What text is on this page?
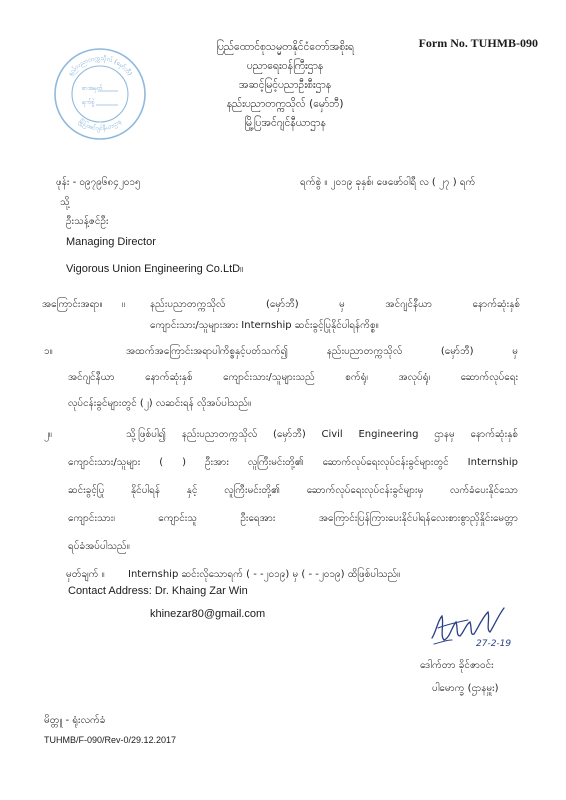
Form No. TUHMB-090
နည်းပညာတက္ကသိုလ် (မှော်ဘီ)
မြို့ပြအင်ဂျင်နီယာဌာန
စာအမှတ်
ရက်စွဲ
ပြည်ထောင်စုသမ္မတနိုင်ငံတော်အစိုးရ
ပညာရေးဝန်ကြီးဌာန
အဆင့်မြင့်ပညာဦးစီးဌာန
နည်းပညာတက္ကသိုလ် (မှော်ဘီ)
မြို့ပြအင်ဂျင်နီယာဌာန
ဖုန်း - ၀၉၇၉၆၈၄၂၀၁၅	ရက်စွဲ ။ ၂၀၁၉ ခုနှစ်၊ ဖေဖော်ဝါရီ လ ( ၂၇ ) ရက်
သို့
ဦးသန့်ဇင်ဦး
Managing Director
Vigorous Union Engineering Co.LtD။
အကြောင်းအရာ။ ။ နည်းပညာတက္ကသိုလ် (မှော်ဘီ) မှ အင်ဂျင်နီယာ နောက်ဆုံးနှစ်
ကျောင်းသား/သူများအား Internship ဆင်းခွင့်ပြုနိုင်ပါရန်ကိစ္စ။
၁။	အထက်အကြောင်းအရာပါကိစ္စနှင့်ပတ်သက်၍ နည်းပညာတက္ကသိုလ် (မှော်ဘီ) မှ
အင်ဂျင်နီယာ နောက်ဆုံးနှစ် ကျောင်းသား/သူများသည် စက်ရုံ၊ အလုပ်ရုံ၊ ဆောက်လုပ်ရေး
လုပ်ငန်းခွင်များတွင် (၂) လဆင်းရန် လိုအပ်ပါသည်။
၂။	သို့ဖြစ်ပါ၍ နည်းပညာတက္ကသိုလ် (မှော်ဘီ) Civil Engineering ဌာနမှ နောက်ဆုံးနှစ်
ကျောင်းသား/သူများ ( ) ဦးအား လူကြီးမင်းတို့၏ ဆောက်လုပ်ရေးလုပ်ငန်းခွင်များတွင် Internship
ဆင်းခွင့်ပြု နိုင်ပါရန် နှင့် လူကြီးမင်းတို့၏ ဆောက်လုပ်ရေးလုပ်ငန်းခွင်များမှ လက်ခံပေးနိုင်သော
ကျောင်းသား၊ ကျောင်းသူ ဦးရေအား အကြောင်းပြန်ကြားပေးနိုင်ပါရန်လေးစားစွာညှိနှိုင်းမေတ္တာ
ရပ်ခံအပ်ပါသည်။
မှတ်ချက် ။ Internship ဆင်းလိုသောရက် ( - -၂၀၁၉) မှ ( - -၂၀၁၉) ထိဖြစ်ပါသည်။
Contact Address: Dr. Khaing Zar Win
khinezar80@gmail.com
27-2-19
ဒေါက်တာ ခိုင်ဇာဝင်း
ပါမောက္ခ (ဌာနမှူး)
မိတ္တူ - ရုံးလက်ခံ
TUHMB/F-090/Rev-0/29.12.2017
